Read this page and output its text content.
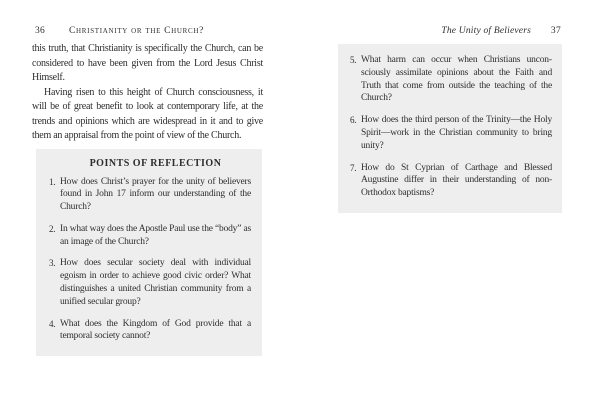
36	Christianity or the Church?

this truth, that Christianity is specifically the Church, can be considered to have been given from the Lord Jesus Christ Himself.

Having risen to this height of Church consciousness, it will be of great benefit to look at contemporary life, at the trends and opinions which are widespread in it and to give them an appraisal from the point of view of the Church.

POINTS OF REFLECTION
1. How does Christ’s prayer for the unity of believers found in John 17 inform our understanding of the Church?
2. In what way does the Apostle Paul use the “body” as an image of the Church?
3. How does secular society deal with individual egoism in order to achieve good civic order? What distinguishes a united Christian community from a unified secular group?
4. What does the Kingdom of God provide that a temporal society cannot?
The Unity of Believers 37
5. What harm can occur when Christians unconsciously assimilate opinions about the Faith and Truth that come from outside the teaching of the Church?
6. How does the third person of the Trinity—the Holy Spirit—work in the Christian community to bring unity?
7. How do St Cyprian of Carthage and Blessed Augustine differ in their understanding of non-Orthodox baptisms?
